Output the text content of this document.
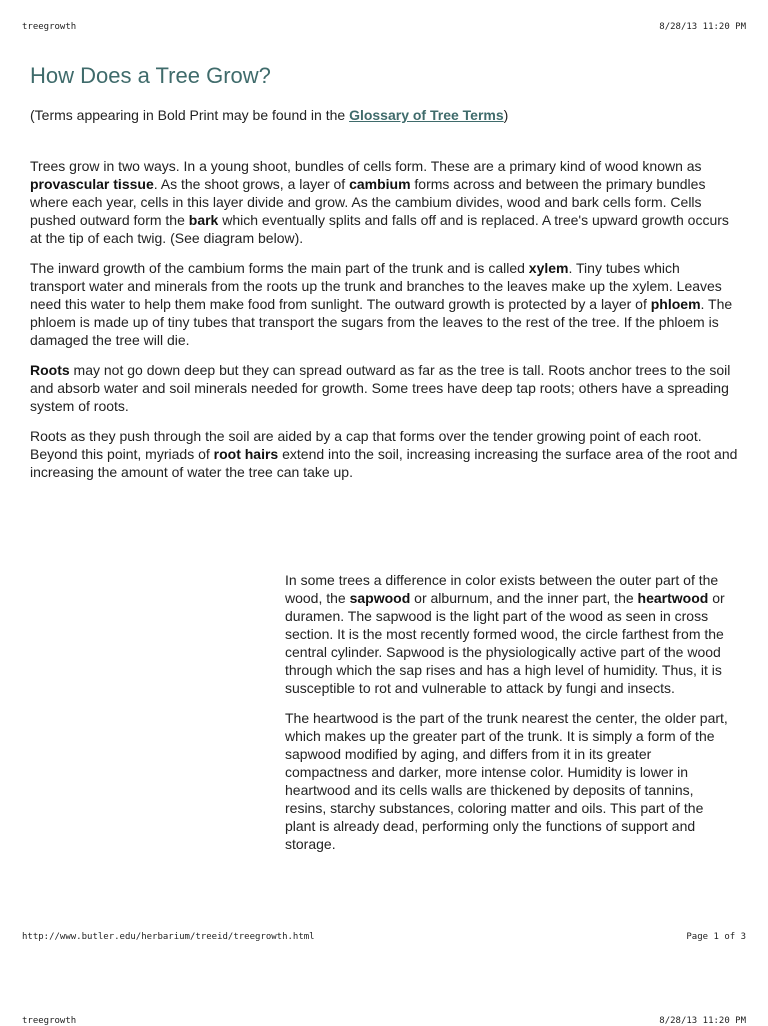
treegrowth	8/28/13 11:20 PM
How Does a Tree Grow?

(Terms appearing in Bold Print may be found in the Glossary of Tree Terms)

Trees grow in two ways. In a young shoot, bundles of cells form. These are a primary kind of wood known as provascular tissue. As the shoot grows, a layer of cambium forms across and between the primary bundles where each year, cells in this layer divide and grow. As the cambium divides, wood and bark cells form. Cells pushed outward form the bark which eventually splits and falls off and is replaced. A tree's upward growth occurs at the tip of each twig. (See diagram below).

The inward growth of the cambium forms the main part of the trunk and is called xylem. Tiny tubes which transport water and minerals from the roots up the trunk and branches to the leaves make up the xylem. Leaves need this water to help them make food from sunlight. The outward growth is protected by a layer of phloem. The phloem is made up of tiny tubes that transport the sugars from the leaves to the rest of the tree. If the phloem is damaged the tree will die.

Roots may not go down deep but they can spread outward as far as the tree is tall. Roots anchor trees to the soil and absorb water and soil minerals needed for growth. Some trees have deep tap roots; others have a spreading system of roots.

Roots as they push through the soil are aided by a cap that forms over the tender growing point of each root. Beyond this point, myriads of root hairs extend into the soil, increasing increasing the surface area of the root and increasing the amount of water the tree can take up.

In some trees a difference in color exists between the outer part of the wood, the sapwood or alburnum, and the inner part, the heartwood or duramen. The sapwood is the light part of the wood as seen in cross section. It is the most recently formed wood, the circle farthest from the central cylinder. Sapwood is the physiologically active part of the wood through which the sap rises and has a high level of humidity. Thus, it is susceptible to rot and vulnerable to attack by fungi and insects.

The heartwood is the part of the trunk nearest the center, the older part, which makes up the greater part of the trunk. It is simply a form of the sapwood modified by aging, and differs from it in its greater compactness and darker, more intense color. Humidity is lower in heartwood and its cells walls are thickened by deposits of tannins, resins, starchy substances, coloring matter and oils. This part of the plant is already dead, performing only the functions of support and storage.

http://www.butler.edu/herbarium/treeid/treegrowth.html	Page 1 of 3
treegrowth	8/28/13 11:20 PM
